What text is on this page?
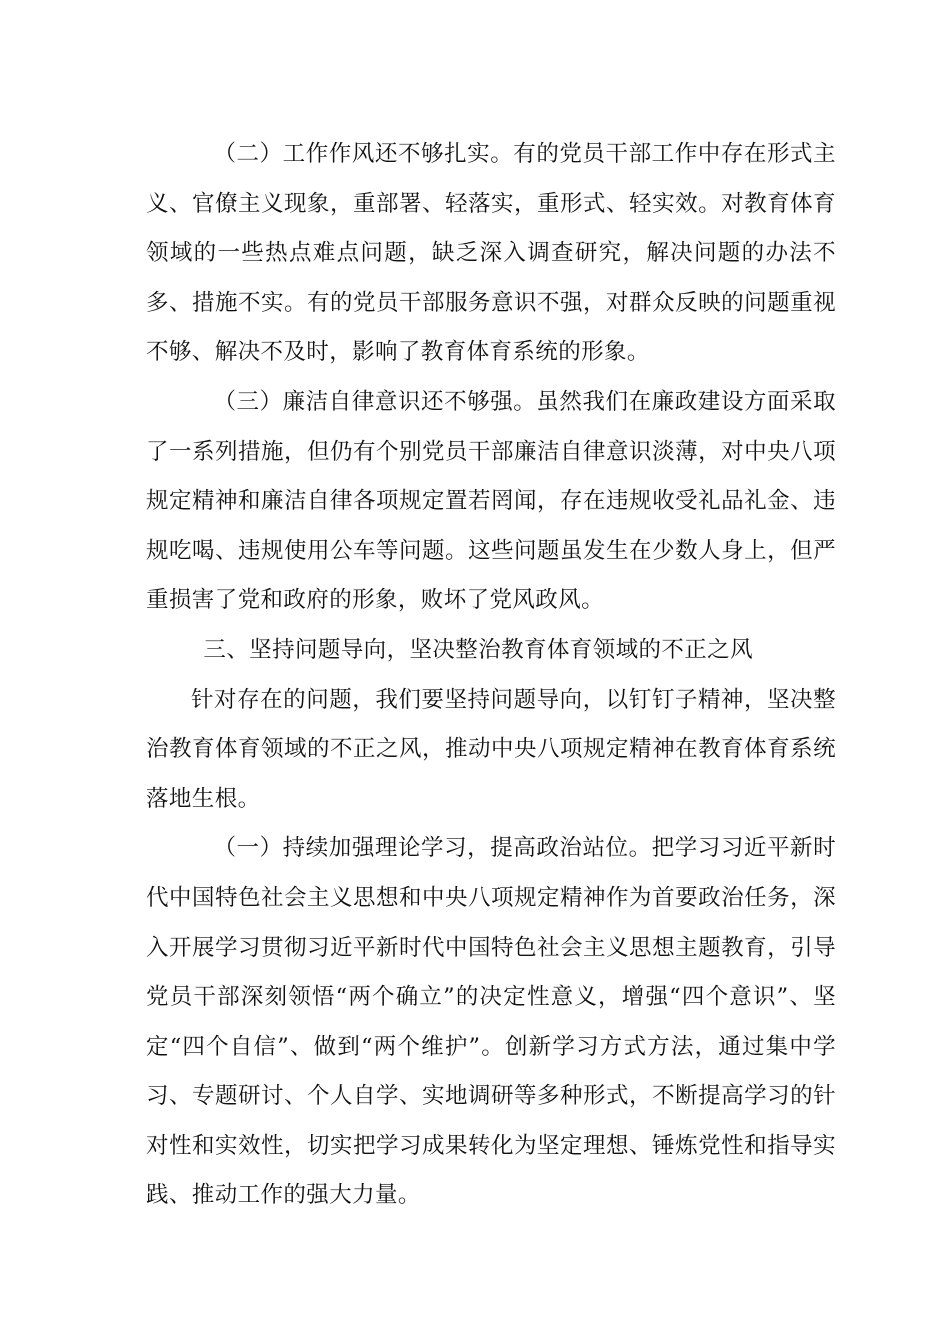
（二）工作作风还不够扎实。有的党员干部工作中存在形式主义、官僚主义现象，重部署、轻落实，重形式、轻实效。对教育体育领域的一些热点难点问题，缺乏深入调查研究，解决问题的办法不多、措施不实。有的党员干部服务意识不强，对群众反映的问题重视不够、解决不及时，影响了教育体育系统的形象。

（三）廉洁自律意识还不够强。虽然我们在廉政建设方面采取了一系列措施，但仍有个别党员干部廉洁自律意识淡薄，对中央八项规定精神和廉洁自律各项规定置若罔闻，存在违规收受礼品礼金、违规吃喝、违规使用公车等问题。这些问题虽发生在少数人身上，但严重损害了党和政府的形象，败坏了党风政风。

三、坚持问题导向，坚决整治教育体育领域的不正之风

针对存在的问题，我们要坚持问题导向，以钉钉子精神，坚决整治教育体育领域的不正之风，推动中央八项规定精神在教育体育系统落地生根。

（一）持续加强理论学习，提高政治站位。把学习习近平新时代中国特色社会主义思想和中央八项规定精神作为首要政治任务，深入开展学习贯彻习近平新时代中国特色社会主义思想主题教育，引导党员干部深刻领悟“两个确立”的决定性意义，增强“四个意识”、坚定“四个自信”、做到“两个维护”。创新学习方式方法，通过集中学习、专题研讨、个人自学、实地调研等多种形式，不断提高学习的针对性和实效性，切实把学习成果转化为坚定理想、锤炼党性和指导实践、推动工作的强大力量。
